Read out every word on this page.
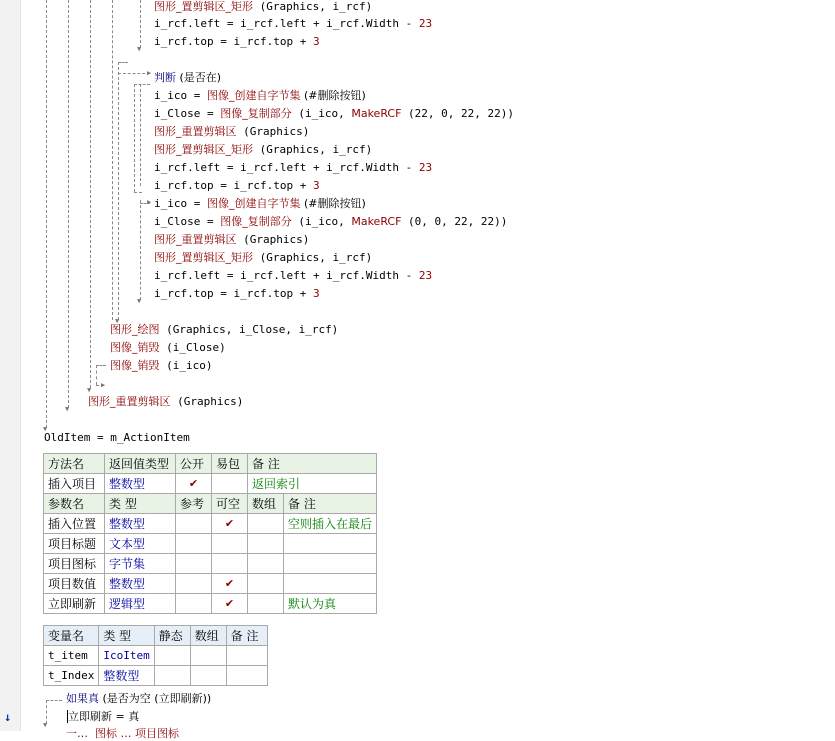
↓
▼
▶
▶
▼
▼
▶
▼
▼
▼
▼
图形_置剪辑区_矩形 (Graphics, i_rcf)
i_rcf.left = i_rcf.left + i_rcf.Width - 23
i_rcf.top = i_rcf.top + 3
判断 (是否在)
i_ico = 图像_创建自字节集 (#删除按钮)
i_Close = 图像_复制部分 (i_ico, MakeRCF (22, 0, 22, 22))
图形_重置剪辑区 (Graphics)
图形_置剪辑区_矩形 (Graphics, i_rcf)
i_rcf.left = i_rcf.left + i_rcf.Width - 23
i_rcf.top = i_rcf.top + 3
i_ico = 图像_创建自字节集 (#删除按钮)
i_Close = 图像_复制部分 (i_ico, MakeRCF (0, 0, 22, 22))
图形_重置剪辑区 (Graphics)
图形_置剪辑区_矩形 (Graphics, i_rcf)
i_rcf.left = i_rcf.left + i_rcf.Width - 23
i_rcf.top = i_rcf.top + 3
图形_绘图 (Graphics, i_Close, i_rcf)
图像_销毁 (i_Close)
图像_销毁 (i_ico)
图形_重置剪辑区 (Graphics)
OldItem = m_ActionItem
方法名	返回值类型	公开	易包	备 注	
插入项目	整数型	✔		返回索引	
参数名	类 型	参考	可空	数组	备 注
插入位置	整数型		✔		空则插入在最后
项目标题	文本型				
项目图标	字节集				
项目数值	整数型		✔		
立即刷新	逻辑型		✔		默认为真
变量名	类 型	静态	数组	备 注
t_item	IcoItem			
t_Index	整数型			
如果真 (是否为空 (立即刷新))
立即刷新 = 真
一…  图标 … 项目图标
